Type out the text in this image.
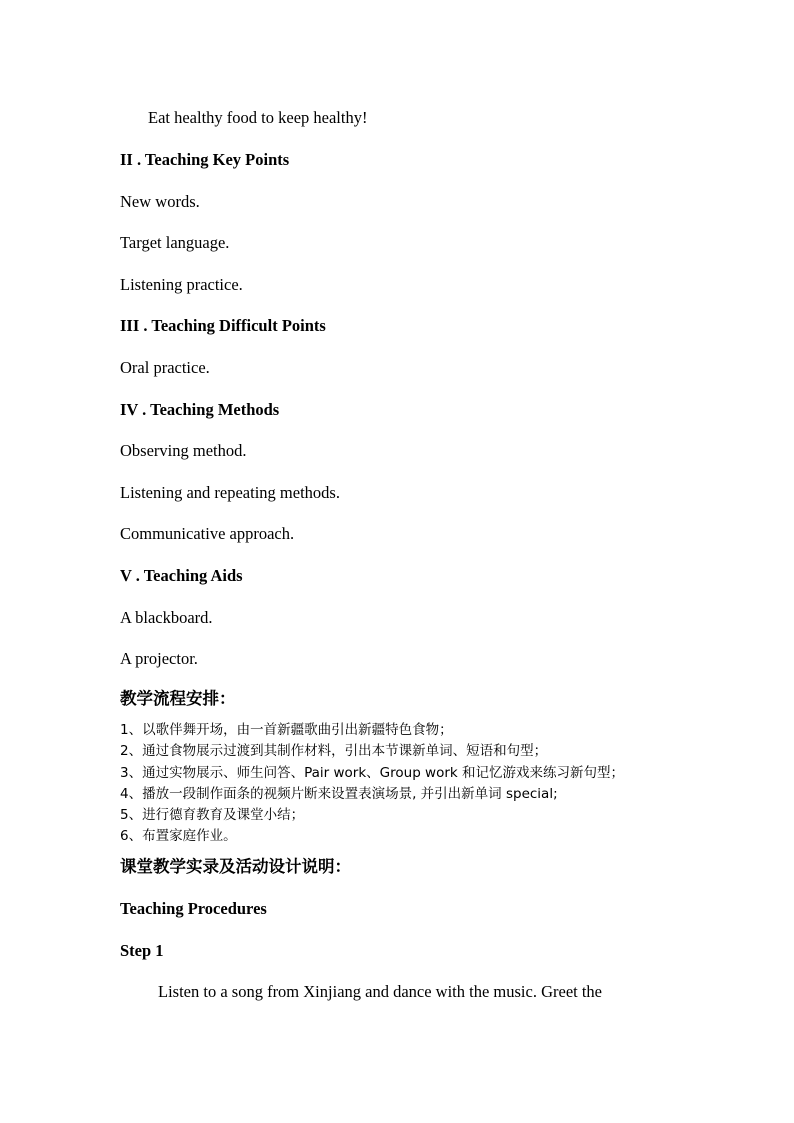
Eat healthy food to keep healthy!
II . Teaching Key Points
New words.
Target language.
Listening practice.
III . Teaching Difficult Points
Oral practice.
IV . Teaching Methods
Observing method.
Listening and repeating methods.
Communicative approach.
V . Teaching Aids
A blackboard.
A projector.
教学流程安排：
1、以歌伴舞开场，由一首新疆歌曲引出新疆特色食物；
2、通过食物展示过渡到其制作材料，引出本节课新单词、短语和句型；
3、通过实物展示、师生问答、Pair work、Group work 和记忆游戏来练习新句型；
4、播放一段制作面条的视频片断来设置表演场景, 并引出新单词 special;
5、进行德育教育及课堂小结；
6、布置家庭作业。
课堂教学实录及活动设计说明：
Teaching Procedures
Step 1
Listen to a song from Xinjiang and dance with the music. Greet the
